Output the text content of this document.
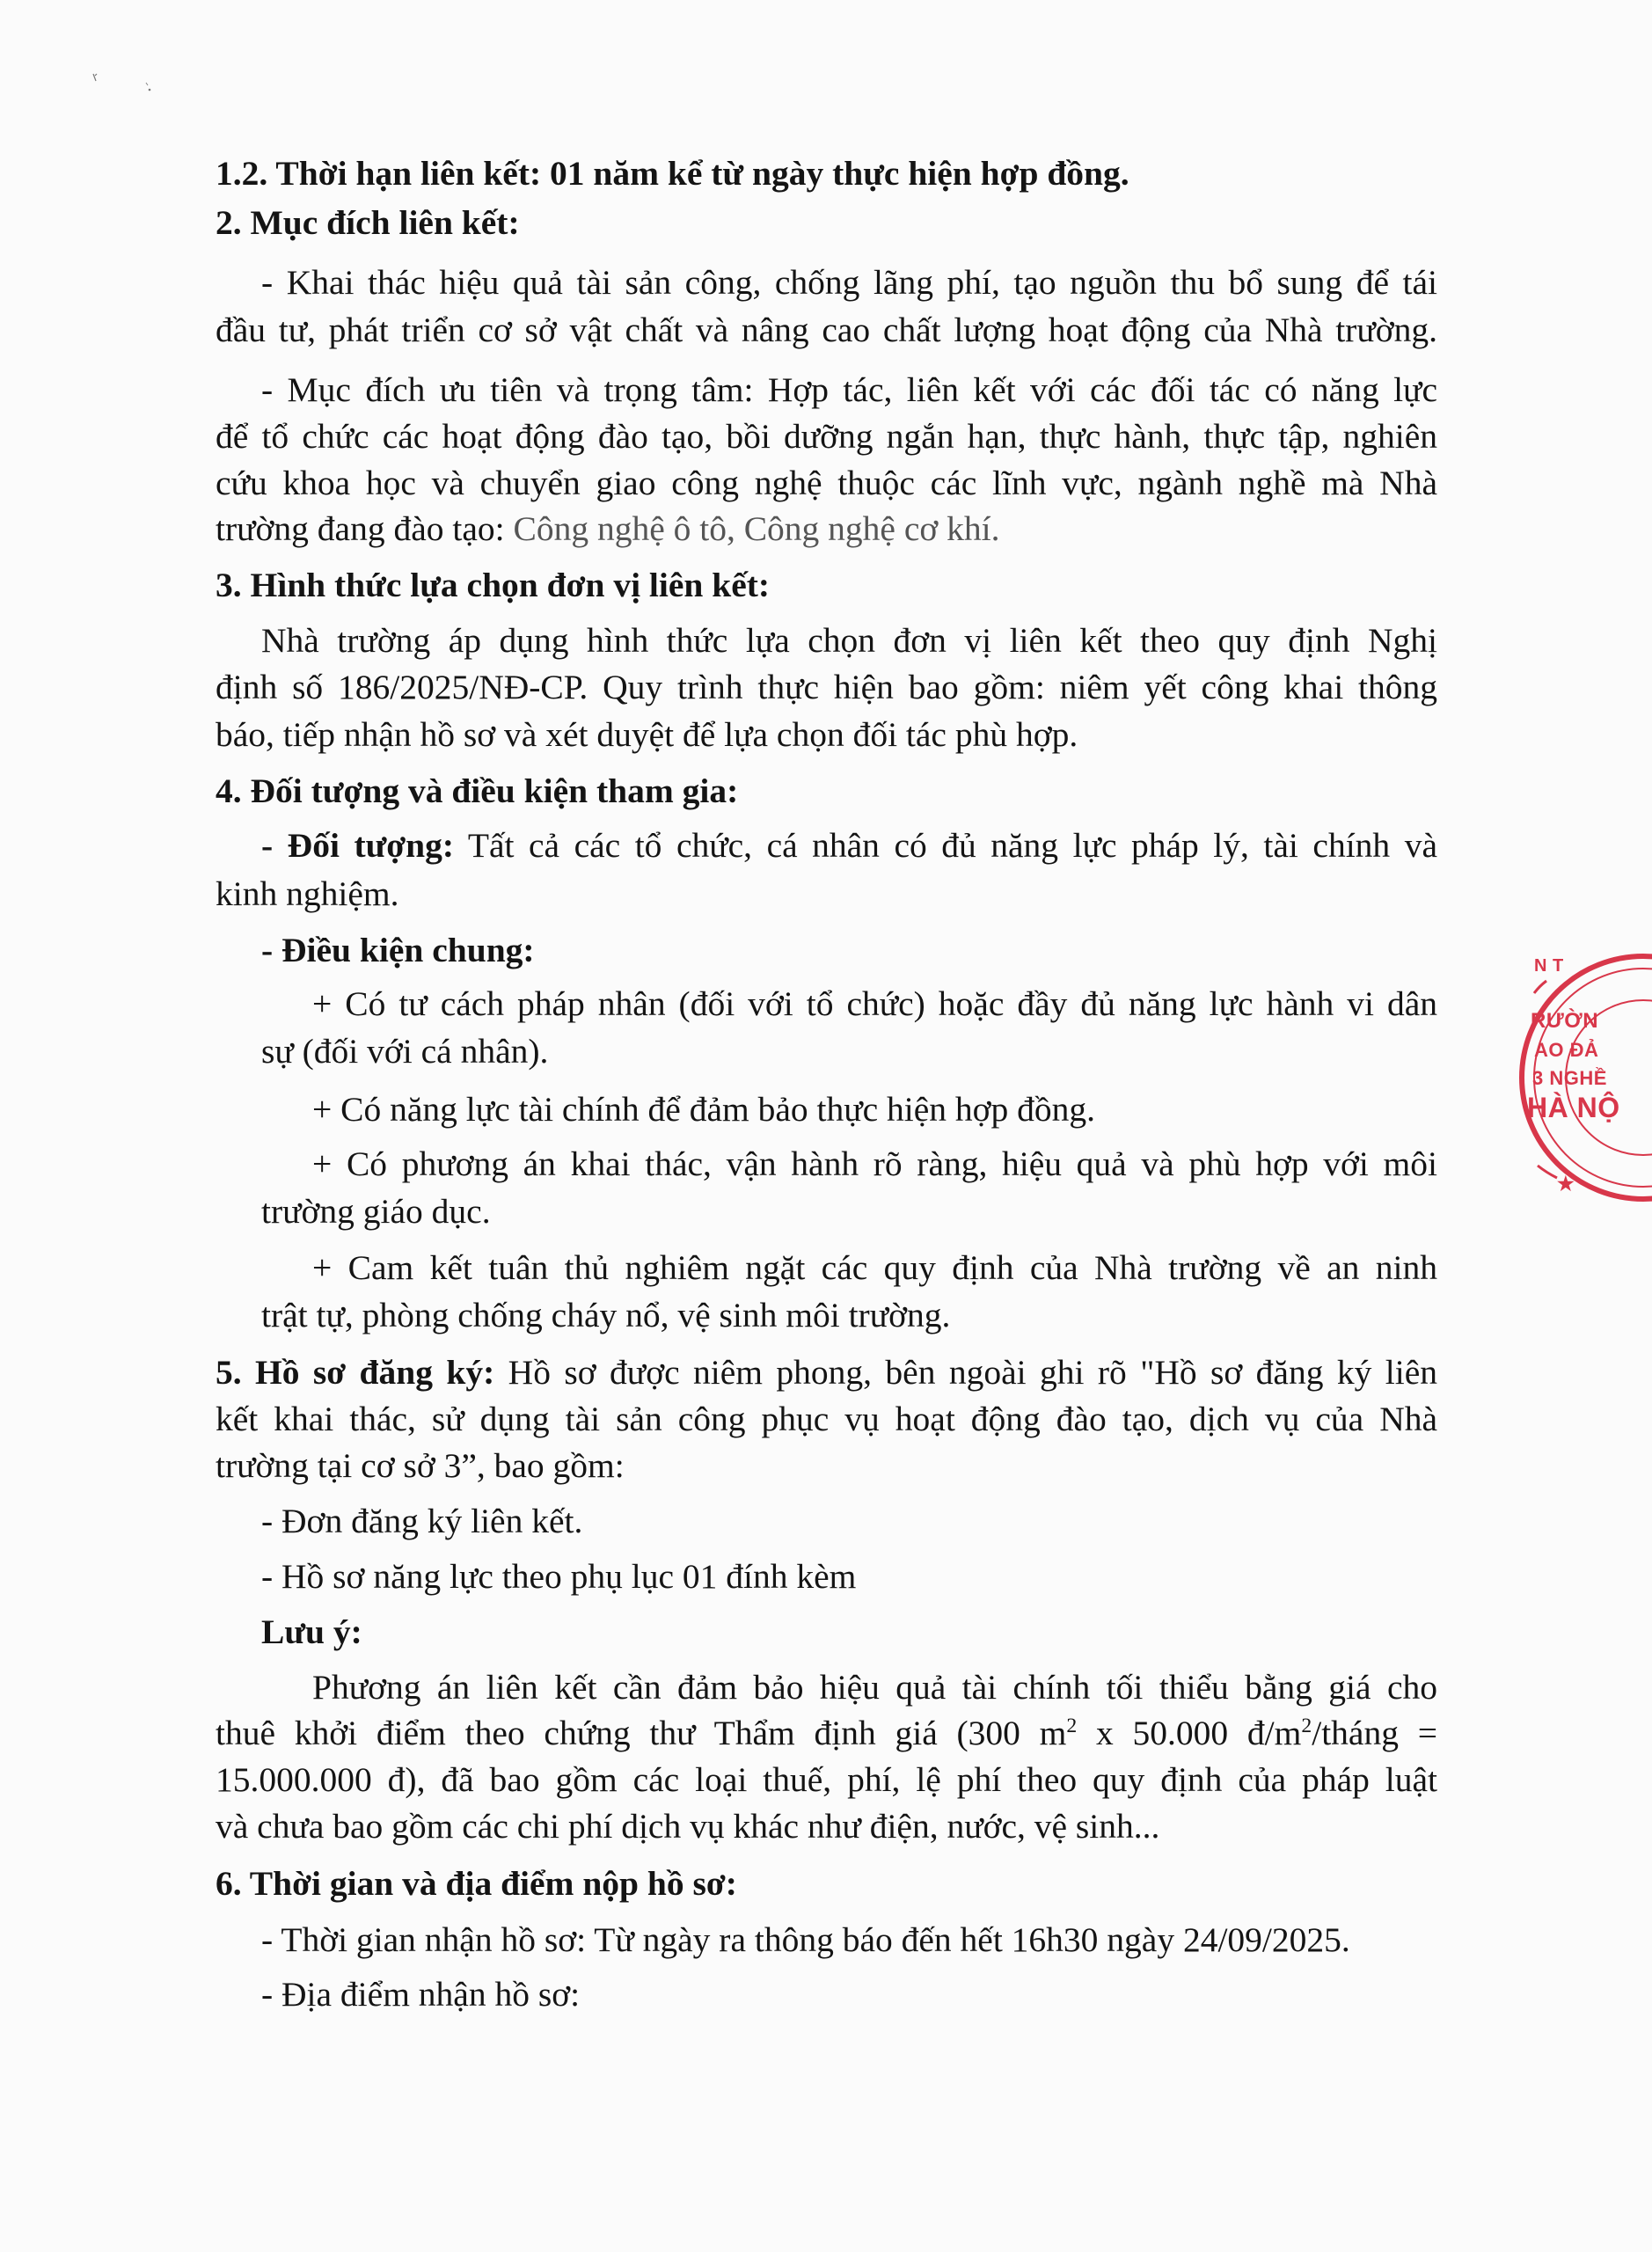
1.2. Thời hạn liên kết: 01 năm kể từ ngày thực hiện hợp đồng.
2. Mục đích liên kết:
- Khai thác hiệu quả tài sản công, chống lãng phí, tạo nguồn thu bổ sung để tái
đầu tư, phát triển cơ sở vật chất và nâng cao chất lượng hoạt động của Nhà trường.
- Mục đích ưu tiên và trọng tâm: Hợp tác, liên kết với các đối tác có năng lực
để tổ chức các hoạt động đào tạo, bồi dưỡng ngắn hạn, thực hành, thực tập, nghiên
cứu khoa học và chuyển giao công nghệ thuộc các lĩnh vực, ngành nghề mà Nhà
trường đang đào tạo: Công nghệ ô tô, Công nghệ cơ khí.
3. Hình thức lựa chọn đơn vị liên kết:
Nhà trường áp dụng hình thức lựa chọn đơn vị liên kết theo quy định Nghị
định số 186/2025/NĐ-CP. Quy trình thực hiện bao gồm: niêm yết công khai thông
báo, tiếp nhận hồ sơ và xét duyệt để lựa chọn đối tác phù hợp.
4. Đối tượng và điều kiện tham gia:
- Đối tượng: Tất cả các tổ chức, cá nhân có đủ năng lực pháp lý, tài chính và
kinh nghiệm.
- Điều kiện chung:
+ Có tư cách pháp nhân (đối với tổ chức) hoặc đầy đủ năng lực hành vi dân
sự (đối với cá nhân).
+ Có năng lực tài chính để đảm bảo thực hiện hợp đồng.
+ Có phương án khai thác, vận hành rõ ràng, hiệu quả và phù hợp với môi
trường giáo dục.
+ Cam kết tuân thủ nghiêm ngặt các quy định của Nhà trường về an ninh
trật tự, phòng chống cháy nổ, vệ sinh môi trường.
5. Hồ sơ đăng ký: Hồ sơ được niêm phong, bên ngoài ghi rõ "Hồ sơ đăng ký liên
kết khai thác, sử dụng tài sản công phục vụ hoạt động đào tạo, dịch vụ của Nhà
trường tại cơ sở 3”, bao gồm:
- Đơn đăng ký liên kết.
- Hồ sơ năng lực theo phụ lục 01 đính kèm
Lưu ý:
Phương án liên kết cần đảm bảo hiệu quả tài chính tối thiểu bằng giá cho
thuê khởi điểm theo chứng thư Thẩm định giá (300 $m^2$ x 50.000 $đ/m^2$/tháng =
15.000.000 đ), đã bao gồm các loại thuế, phí, lệ phí theo quy định của pháp luật
và chưa bao gồm các chi phí dịch vụ khác như điện, nước, vệ sinh...
6. Thời gian và địa điểm nộp hồ sơ:
- Thời gian nhận hồ sơ: Từ ngày ra thông báo đến hết 16h30 ngày 24/09/2025.
- Địa điểm nhận hồ sơ:
N T
RƯỜN
AO ĐẢ
3 NGHỀ
HÀ NỘ
★
